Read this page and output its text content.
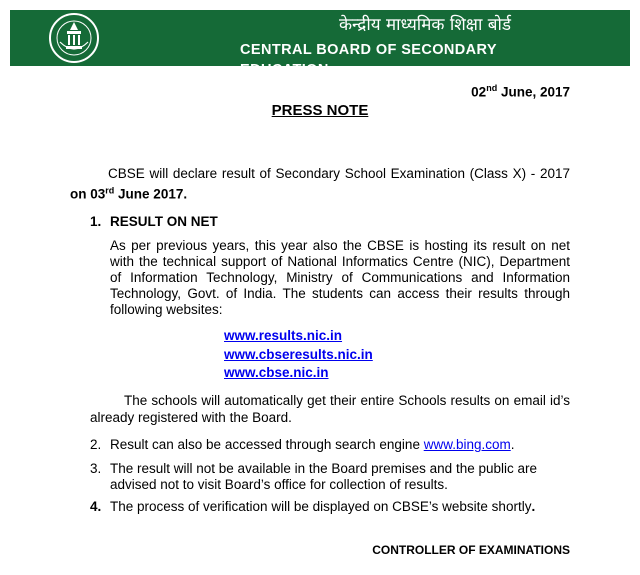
केन्द्रीय माध्यमिक शिक्षा बोर्ड
CENTRAL BOARD OF SECONDARY EDUCATION
02nd June, 2017
PRESS NOTE
CBSE will declare result of Secondary School Examination (Class X) - 2017 on 03rd June 2017.
1. RESULT ON NET
As per previous years, this year also the CBSE is hosting its result on net with the technical support of National Informatics Centre (NIC), Department of Information Technology, Ministry of Communications and Information Technology, Govt. of India. The students can access their results through following websites:
www.results.nic.in
www.cbseresults.nic.in
www.cbse.nic.in
The schools will automatically get their entire Schools results on email id’s already registered with the Board.
2. Result can also be accessed through search engine www.bing.com.
3. The result will not be available in the Board premises and the public are
advised not to visit Board’s office for collection of results.
4. The process of verification will be displayed on CBSE’s website shortly.
CONTROLLER OF EXAMINATIONS
